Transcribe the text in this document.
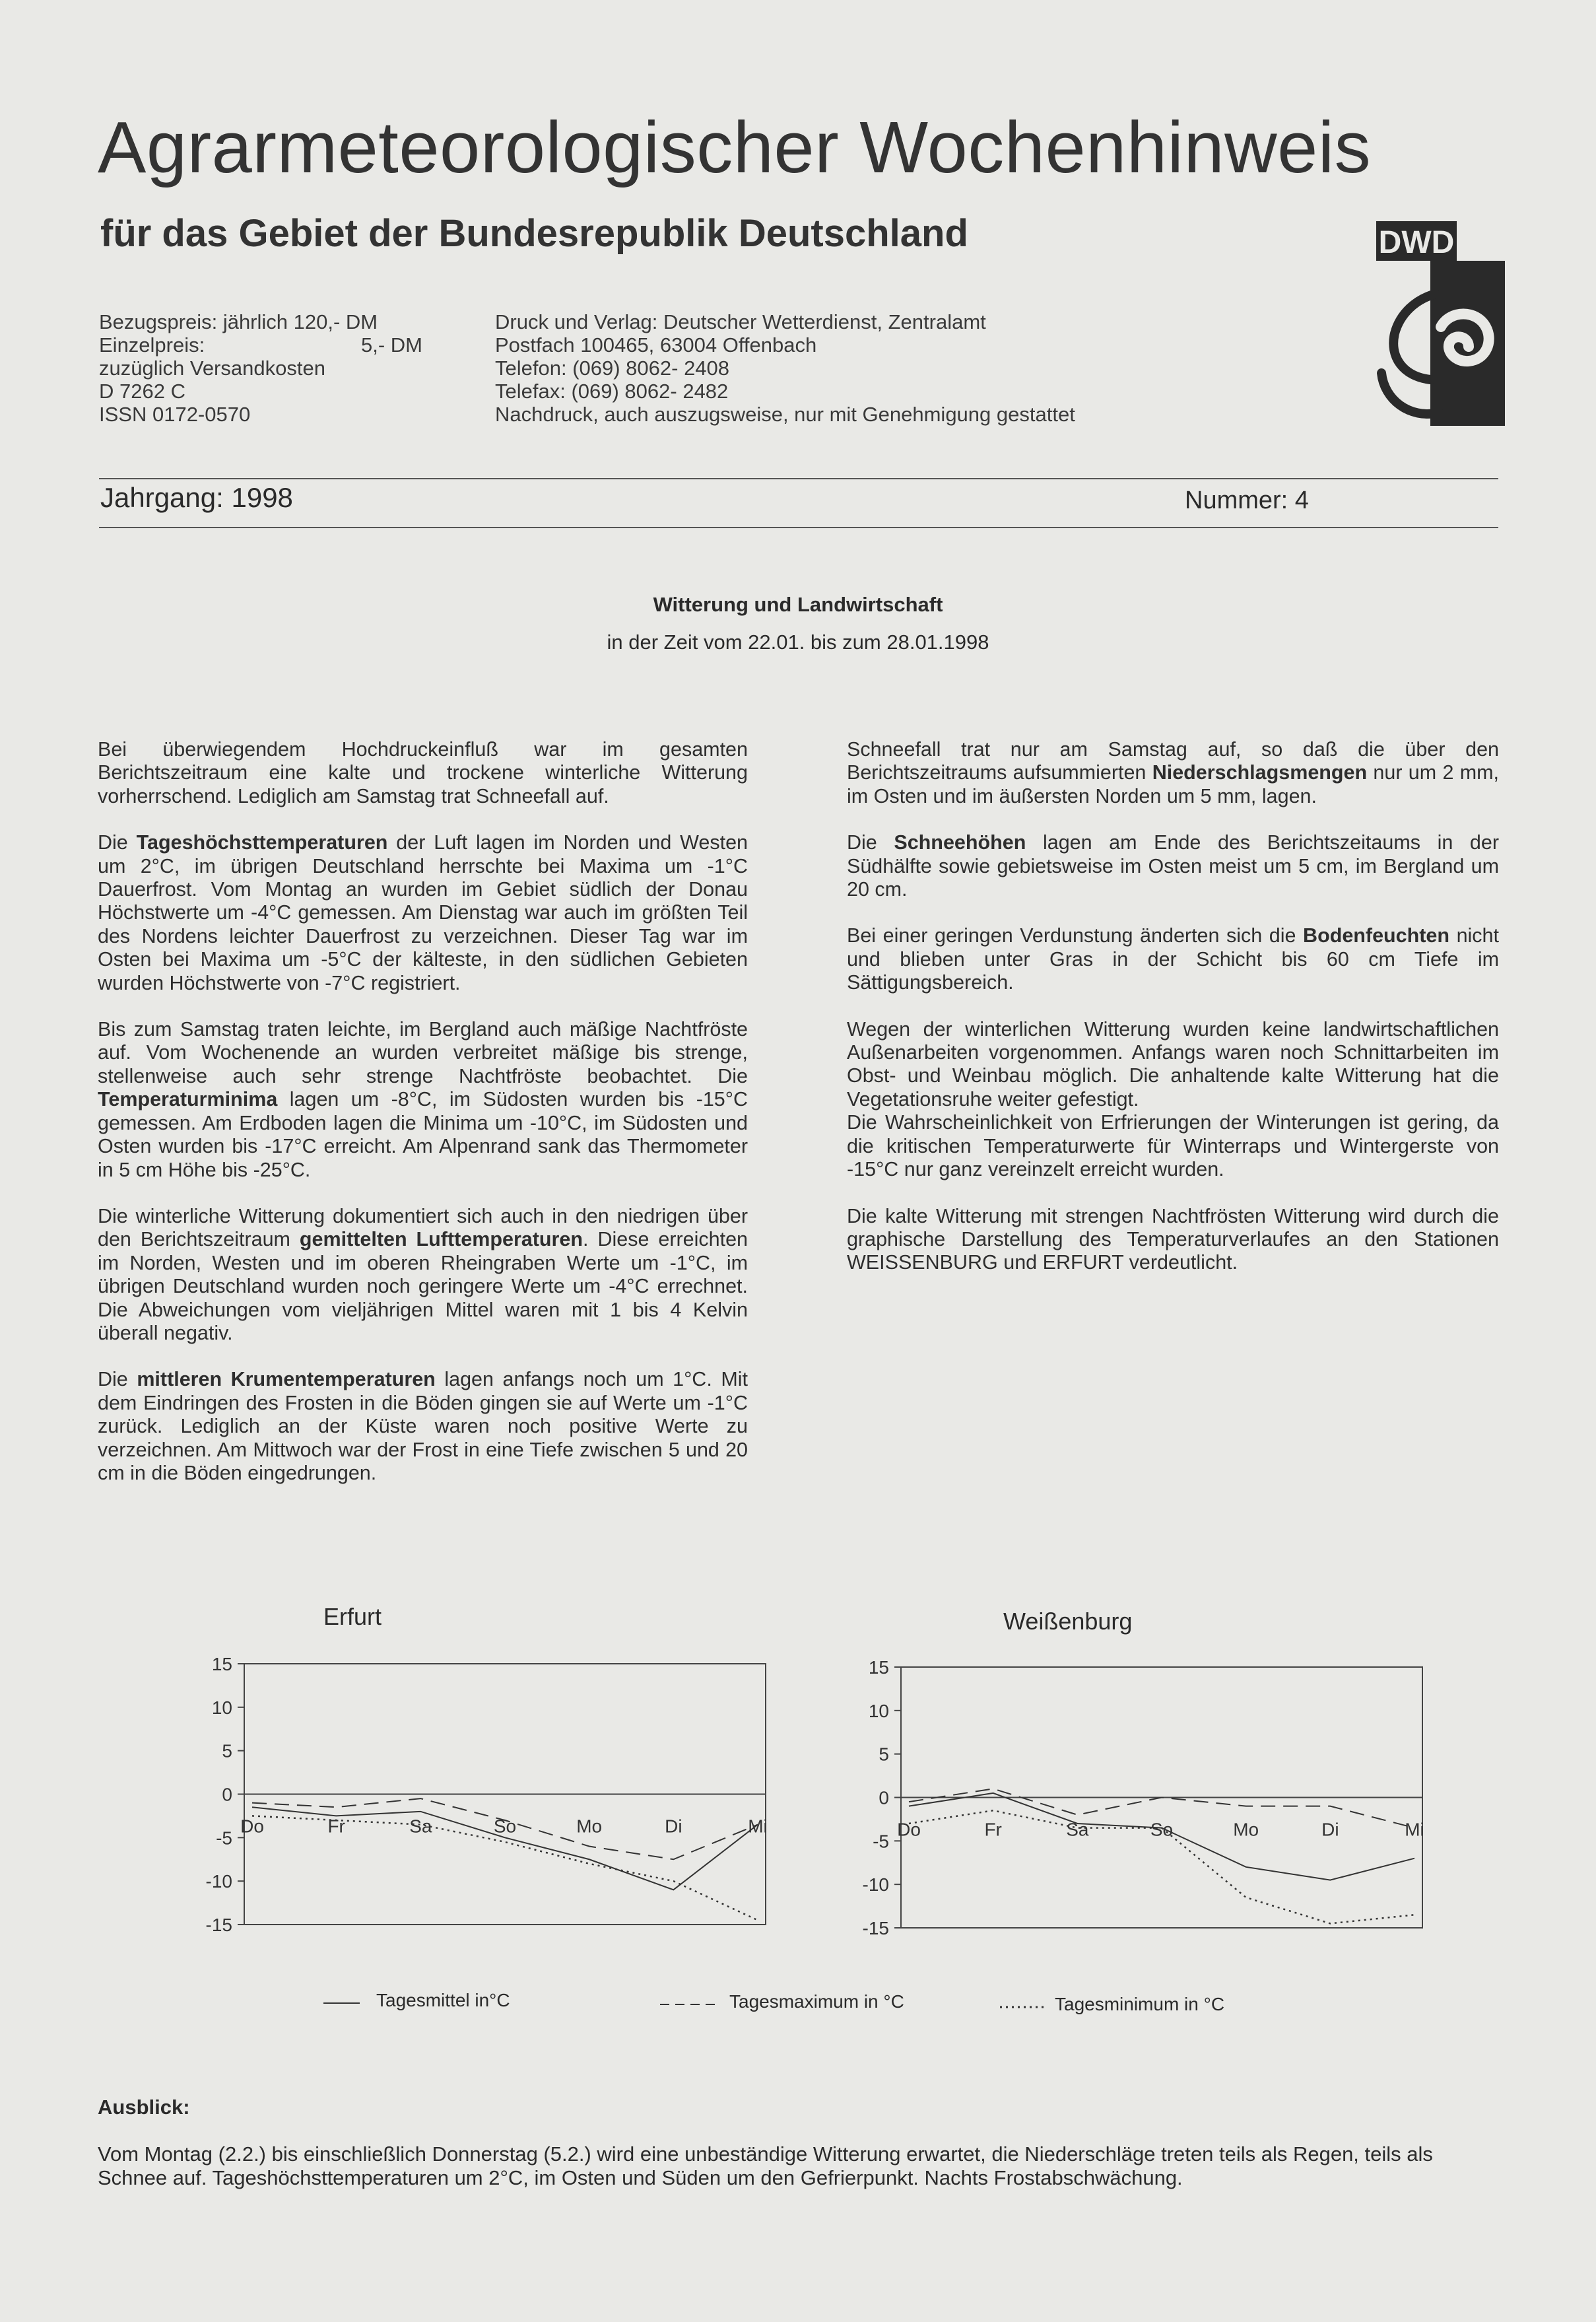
Agrarmeteorologischer Wochenhinweis
für das Gebiet der Bundesrepublik Deutschland	DWD
Bezugspreis: jährlich 120,- DM
Einzelpreis:	5,- DM
zuzüglich Versandkosten
D 7262 C
ISSN 0172-0570
Druck und Verlag: Deutscher Wetterdienst, Zentralamt
Postfach 100465, 63004 Offenbach
Telefon: (069) 8062- 2408
Telefax: (069) 8062- 2482
Nachdruck, auch auszugsweise, nur mit Genehmigung gestattet
Jahrgang: 1998	Nummer: 4
Witterung und Landwirtschaft
in der Zeit vom 22.01. bis zum 28.01.1998

Bei überwiegendem Hochdruckeinfluß war im gesamten Berichtszeitraum eine kalte und trockene winterliche Witterung vorherrschend. Lediglich am Samstag trat Schneefall auf.

Die Tageshöchsttemperaturen der Luft lagen im Norden und Westen um 2°C, im übrigen Deutschland herrschte bei Maxima um -1°C Dauerfrost. Vom Montag an wurden im Gebiet südlich der Donau Höchstwerte um -4°C gemessen. Am Dienstag war auch im größten Teil des Nordens leichter Dauerfrost zu verzeichnen. Dieser Tag war im Osten bei Maxima um -5°C der kälteste, in den südlichen Gebieten wurden Höchstwerte von -7°C registriert.

Bis zum Samstag traten leichte, im Bergland auch mäßige Nachtfröste auf. Vom Wochenende an wurden verbreitet mäßige bis strenge, stellenweise auch sehr strenge Nachtfröste beobachtet. Die Temperaturminima lagen um -8°C, im Südosten wurden bis -15°C gemessen. Am Erdboden lagen die Minima um -10°C, im Südosten und Osten wurden bis -17°C erreicht. Am Alpenrand sank das Thermometer in 5 cm Höhe bis -25°C.

Die winterliche Witterung dokumentiert sich auch in den niedrigen über den Berichtszeitraum gemittelten Lufttemperaturen. Diese erreichten im Norden, Westen und im oberen Rheingraben Werte um -1°C, im übrigen Deutschland wurden noch geringere Werte um -4°C errechnet. Die Abweichungen vom vieljährigen Mittel waren mit 1 bis 4 Kelvin überall negativ.

Die mittleren Krumentemperaturen lagen anfangs noch um 1°C. Mit dem Eindringen des Frosten in die Böden gingen sie auf Werte um -1°C zurück. Lediglich an der Küste waren noch positive Werte zu verzeichnen. Am Mittwoch war der Frost in eine Tiefe zwischen 5 und 20 cm in die Böden eingedrungen.

Schneefall trat nur am Samstag auf, so daß die über den Berichtszeitraums aufsummierten Niederschlagsmengen nur um 2 mm, im Osten und im äußersten Norden um 5 mm, lagen.

Die Schneehöhen lagen am Ende des Berichtszeitaums in der Südhälfte sowie gebietsweise im Osten meist um 5 cm, im Bergland um 20 cm.

Bei einer geringen Verdunstung änderten sich die Bodenfeuchten nicht und blieben unter Gras in der Schicht bis 60 cm Tiefe im Sättigungsbereich.

Wegen der winterlichen Witterung wurden keine landwirtschaftlichen Außenarbeiten vorgenommen. Anfangs waren noch Schnittarbeiten im Obst- und Weinbau möglich. Die anhaltende kalte Witterung hat die Vegetationsruhe weiter gefestigt.

Die Wahrscheinlichkeit von Erfrierungen der Winterungen ist gering, da die kritischen Temperaturwerte für Winterraps und Wintergerste von -15°C nur ganz vereinzelt erreicht wurden.

Die kalte Witterung mit strengen Nachtfrösten Witterung wird durch die graphische Darstellung des Temperaturverlaufes an den Stationen WEISSENBURG und ERFURT verdeutlicht.

Erfurt	Weißenburg
15
10
5
0
-5
-10
-15
Do	Fr	Sa	So	Mo	Di	Mi
15
10
5
0
-5
-10
-15
Do	Fr	Sa	So	Mo	Di	Mi
Tagesmittel in°C	Tagesmaximum in °C	Tagesminimum in °C
Ausblick:
Vom Montag (2.2.) bis einschließlich Donnerstag (5.2.) wird eine unbeständige Witterung erwartet, die Niederschläge treten teils als Regen, teils als Schnee auf. Tageshöchsttemperaturen um 2°C, im Osten und Süden um den Gefrierpunkt. Nachts Frostabschwächung.
